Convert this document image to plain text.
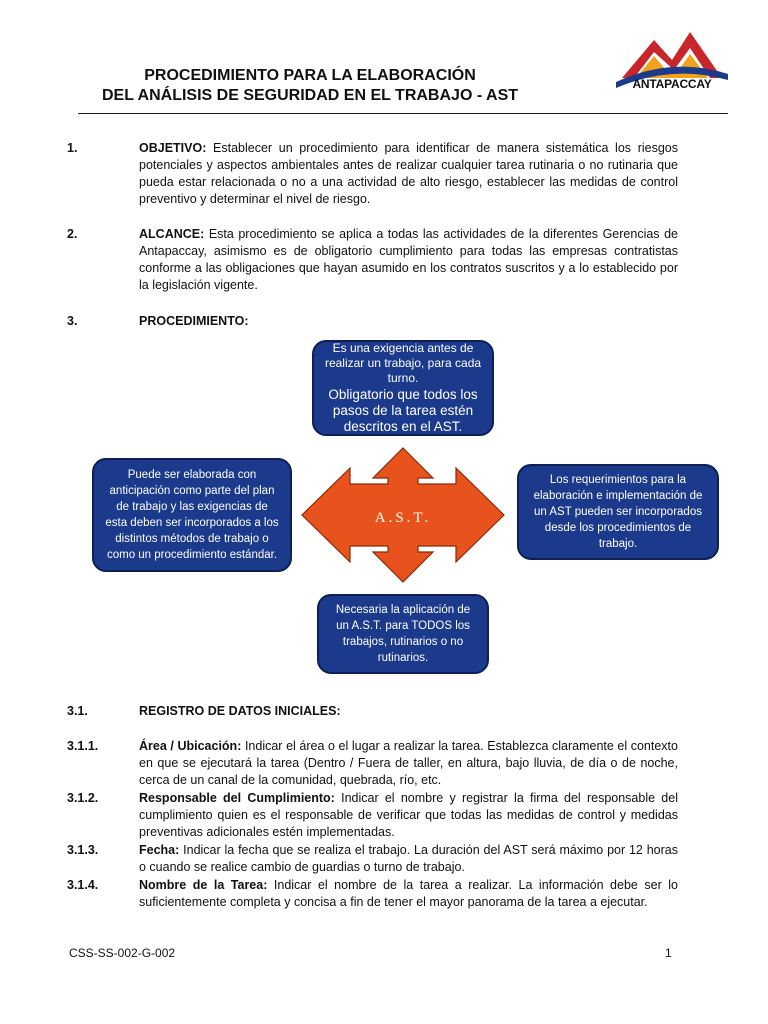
PROCEDIMIENTO PARA LA ELABORACIÓN
DEL ANÁLISIS DE SEGURIDAD EN EL TRABAJO - AST
ANTAPACCAY
1.	OBJETIVO: Establecer un procedimiento para identificar de manera sistemática los riesgos potenciales y aspectos ambientales antes de realizar cualquier tarea rutinaria o no rutinaria que pueda estar relacionada o no a una actividad de alto riesgo, establecer las medidas de control preventivo y determinar el nivel de riesgo.
2.	ALCANCE: Esta procedimiento se aplica a todas las actividades de la diferentes Gerencias de Antapaccay, asimismo es de obligatorio cumplimiento para todas las empresas contratistas conforme a las obligaciones que hayan asumido en los contratos suscritos y a lo establecido por la legislación vigente.
3.	PROCEDIMIENTO:
A.S.T.
Es una exigencia antes de realizar un trabajo, para cada turno.
Obligatorio que todos los pasos de la tarea estén descritos en el AST.
Puede ser elaborada con anticipación como parte del plan de trabajo y las exigencias de esta deben ser incorporados a los distintos métodos de trabajo o como un procedimiento estándar.
Los requerimientos para la elaboración e implementación de un AST pueden ser incorporados desde los procedimientos de trabajo.
Necesaria la aplicación de un A.S.T. para TODOS los trabajos, rutinarios o no rutinarios.
3.1.	REGISTRO DE DATOS INICIALES:
3.1.1.	Área / Ubicación: Indicar el área o el lugar a realizar la tarea. Establezca claramente el contexto en que se ejecutará la tarea (Dentro / Fuera de taller, en altura, bajo lluvia, de día o de noche, cerca de un canal de la comunidad, quebrada, río, etc.
3.1.2.	Responsable del Cumplimiento: Indicar el nombre y registrar la firma del responsable del cumplimiento quien es el responsable de verificar que todas las medidas de control y medidas preventivas adicionales estén implementadas.
3.1.3.	Fecha: Indicar la fecha que se realiza el trabajo. La duración del AST será máximo por 12 horas o cuando se realice cambio de guardias o turno de trabajo.
3.1.4.	Nombre de la Tarea: Indicar el nombre de la tarea a realizar. La información debe ser lo suficientemente completa y concisa a fin de tener el mayor panorama de la tarea a ejecutar.
CSS-SS-002-G-002	1
